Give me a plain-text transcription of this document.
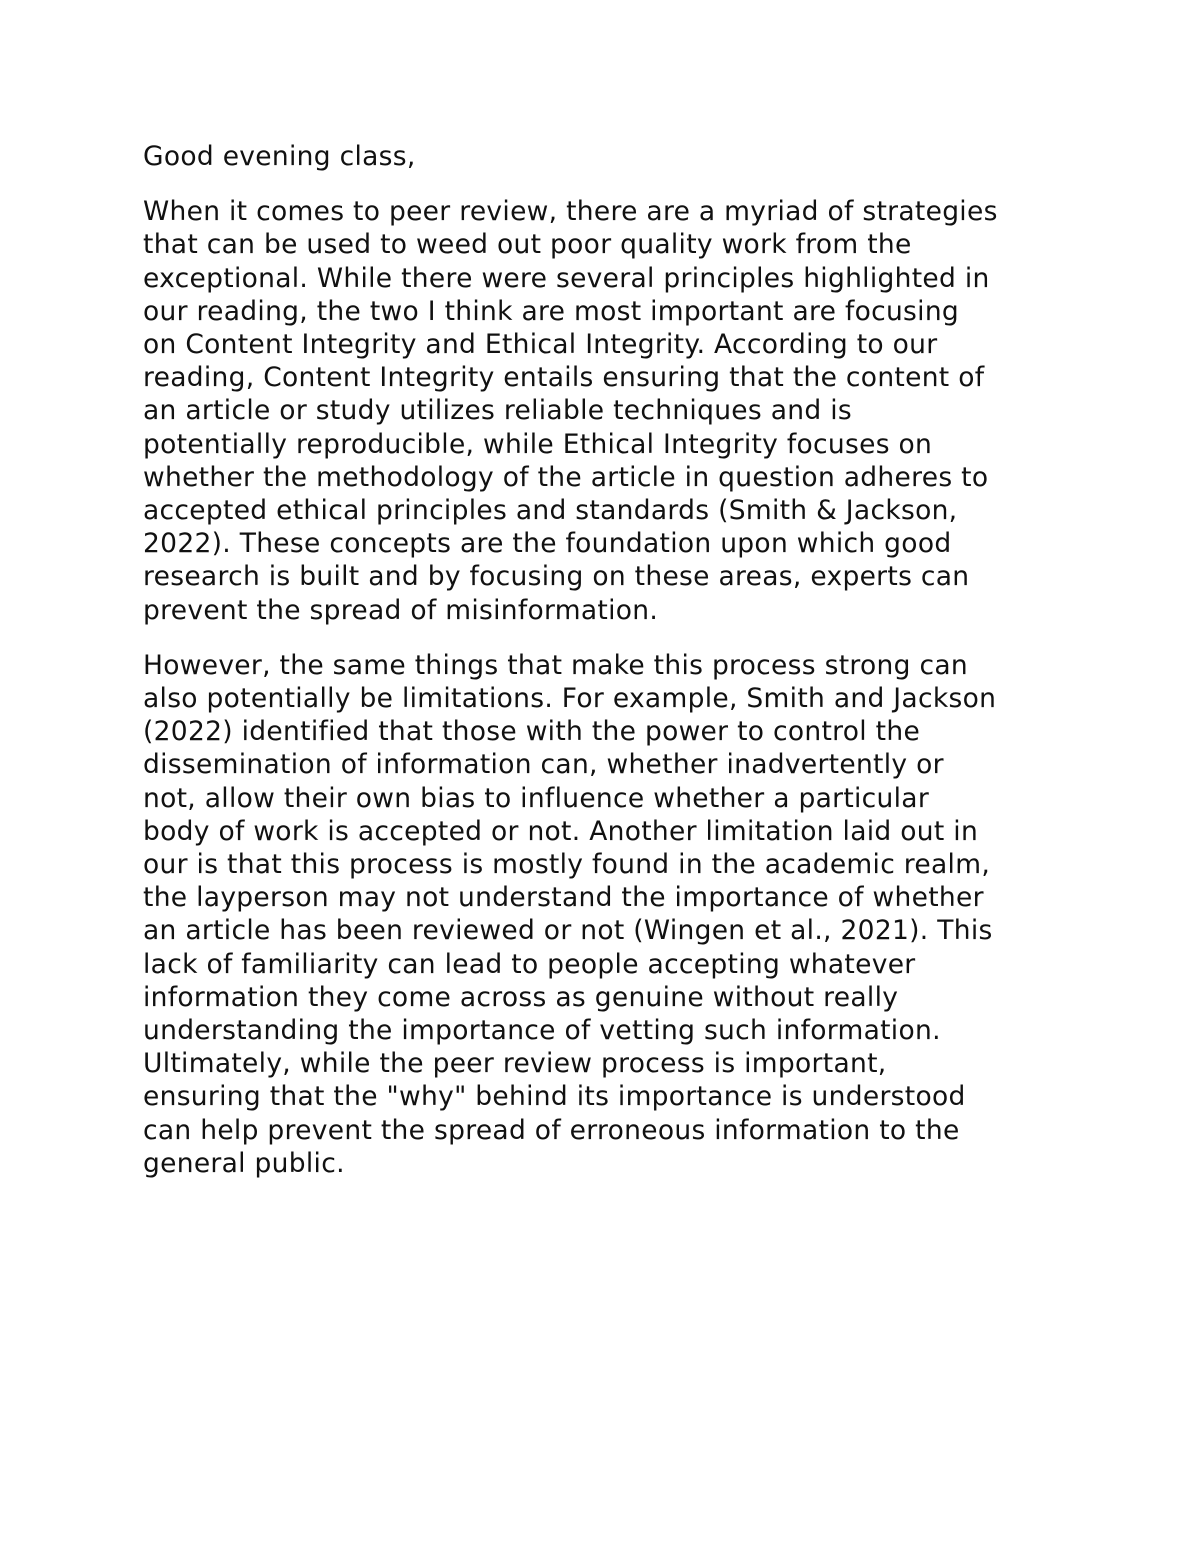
Good evening class,

When it comes to peer review, there are a myriad of strategies
that can be used to weed out poor quality work from the
exceptional. While there were several principles highlighted in
our reading, the two I think are most important are focusing
on Content Integrity and Ethical Integrity. According to our
reading, Content Integrity entails ensuring that the content of
an article or study utilizes reliable techniques and is
potentially reproducible, while Ethical Integrity focuses on
whether the methodology of the article in question adheres to
accepted ethical principles and standards (Smith & Jackson,
2022). These concepts are the foundation upon which good
research is built and by focusing on these areas, experts can
prevent the spread of misinformation.

However, the same things that make this process strong can
also potentially be limitations. For example, Smith and Jackson
(2022) identified that those with the power to control the
dissemination of information can, whether inadvertently or
not, allow their own bias to influence whether a particular
body of work is accepted or not. Another limitation laid out in
our is that this process is mostly found in the academic realm,
the layperson may not understand the importance of whether
an article has been reviewed or not (Wingen et al., 2021). This
lack of familiarity can lead to people accepting whatever
information they come across as genuine without really
understanding the importance of vetting such information.
Ultimately, while the peer review process is important,
ensuring that the "why" behind its importance is understood
can help prevent the spread of erroneous information to the
general public.
